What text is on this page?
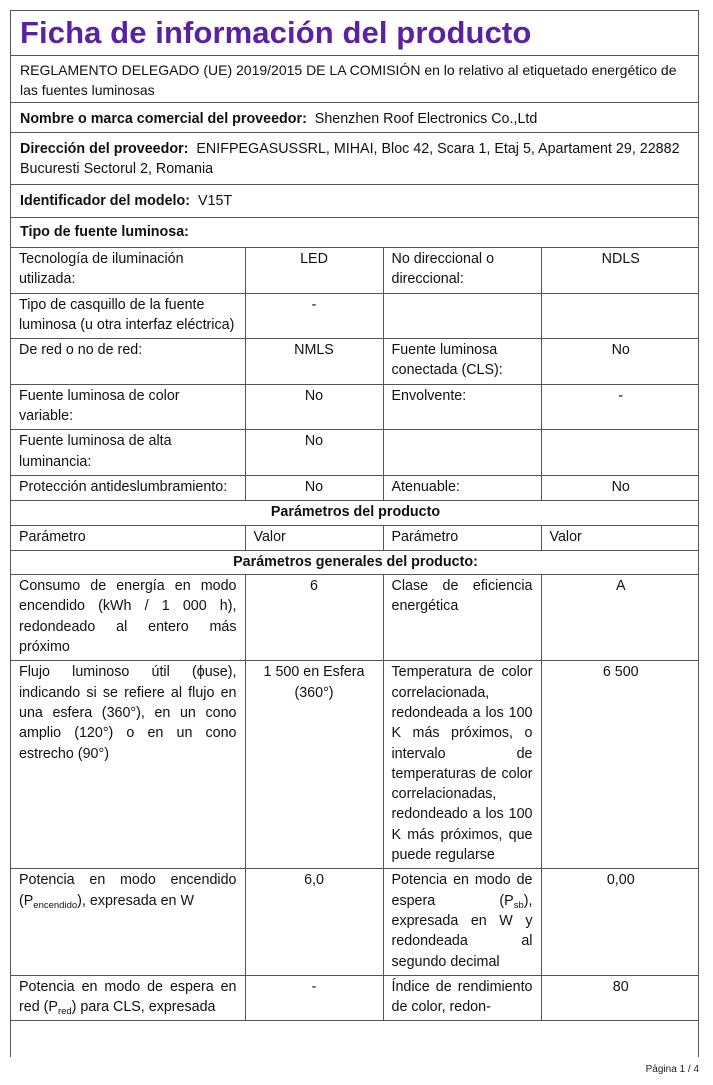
Ficha de información del producto
REGLAMENTO DELEGADO (UE) 2019/2015 DE LA COMISIÓN en lo relativo al etiquetado energético de las fuentes luminosas
Nombre o marca comercial del proveedor: Shenzhen Roof Electronics Co.,Ltd
Dirección del proveedor: ENIFPEGASUSSRL, MIHAI, Bloc 42, Scara 1, Etaj 5, Apartament 29, 22882 Bucuresti Sectorul 2, Romania
Identificador del modelo: V15T
Tipo de fuente luminosa:
Tecnología de iluminación utilizada:	LED	No direccional o direccional:	NDLS
Tipo de casquillo de la fuente luminosa (u otra interfaz eléctrica)	-		
De red o no de red:	NMLS	Fuente luminosa conectada (CLS):	No
Fuente luminosa de color variable:	No	Envolvente:	-
Fuente luminosa de alta luminancia:	No		
Protección antideslumbramiento:	No	Atenuable:	No
Parámetros del producto			
Parámetro	Valor	Parámetro	Valor
Parámetros generales del producto:			
Consumo de energía en modo encendido (kWh / 1 000 h), redondeado al entero más próximo	6	Clase de eficiencia energética	A
Flujo luminoso útil (ϕuse), indicando si se refiere al flujo en una esfera (360°), en un cono amplio (120°) o en un cono estrecho (90°)	1 500 en Esfera (360°)	Temperatura de color correlacionada, redondeada a los 100 K más próximos, o intervalo de temperaturas de color correlacionadas, redondeado a los 100 K más próximos, que puede regularse	6 500
Potencia en modo encendido $(P_{encendido})$, expresada en W	6,0	Potencia en modo de espera $(P_{sb})$, expresada en W y redondeada al segundo decimal	0,00
Potencia en modo de espera en red $(P_{red})$ para CLS, expresada	-	Índice de rendimiento de color, redon-	80
Página 1 / 4
